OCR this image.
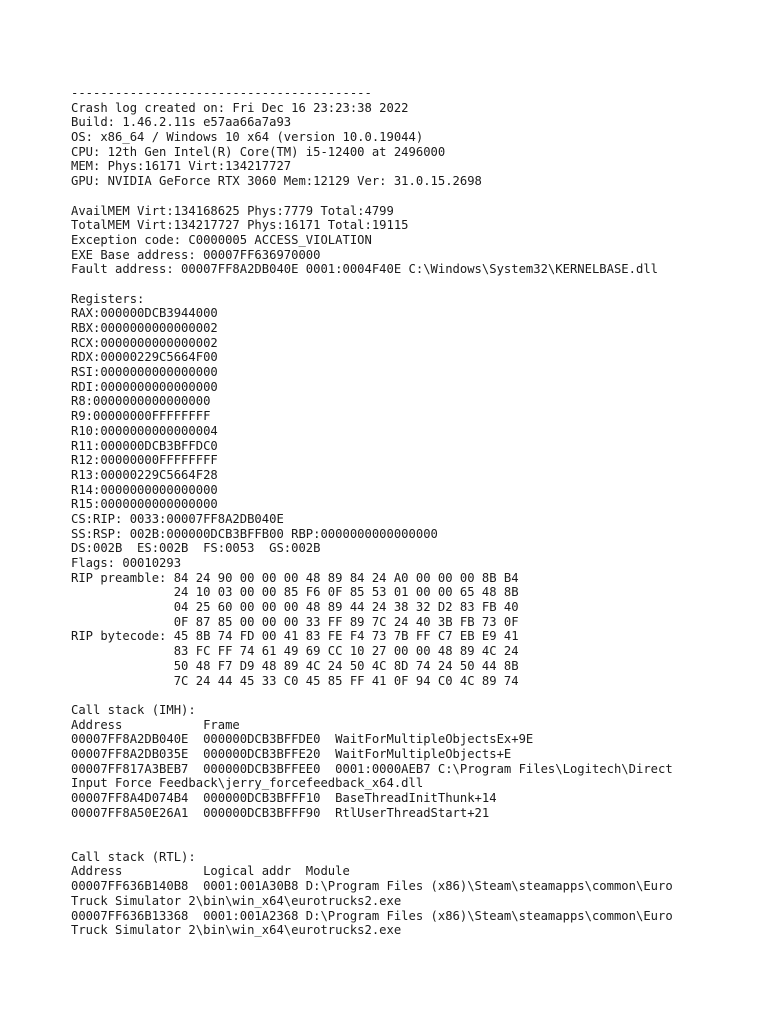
-----------------------------------------
Crash log created on: Fri Dec 16 23:23:38 2022
Build: 1.46.2.11s e57aa66a7a93
OS: x86_64 / Windows 10 x64 (version 10.0.19044)
CPU: 12th Gen Intel(R) Core(TM) i5-12400 at 2496000
MEM: Phys:16171 Virt:134217727
GPU: NVIDIA GeForce RTX 3060 Mem:12129 Ver: 31.0.15.2698
AvailMEM Virt:134168625 Phys:7779 Total:4799
TotalMEM Virt:134217727 Phys:16171 Total:19115
Exception code: C0000005 ACCESS_VIOLATION
EXE Base address: 00007FF636970000
Fault address: 00007FF8A2DB040E 0001:0004F40E C:\Windows\System32\KERNELBASE.dll
Registers:
RAX:000000DCB3944000
RBX:0000000000000002
RCX:0000000000000002
RDX:00000229C5664F00
RSI:0000000000000000
RDI:0000000000000000
R8:0000000000000000
R9:00000000FFFFFFFF
R10:0000000000000004
R11:000000DCB3BFFDC0
R12:00000000FFFFFFFF
R13:00000229C5664F28
R14:0000000000000000
R15:0000000000000000
CS:RIP: 0033:00007FF8A2DB040E
SS:RSP: 002B:000000DCB3BFFB00 RBP:0000000000000000
DS:002B  ES:002B  FS:0053  GS:002B
Flags: 00010293
RIP preamble: 84 24 90 00 00 00 48 89 84 24 A0 00 00 00 8B B4
24 10 03 00 00 85 F6 0F 85 53 01 00 00 65 48 8B
04 25 60 00 00 00 48 89 44 24 38 32 D2 83 FB 40
0F 87 85 00 00 00 33 FF 89 7C 24 40 3B FB 73 0F
RIP bytecode: 45 8B 74 FD 00 41 83 FE F4 73 7B FF C7 EB E9 41
83 FC FF 74 61 49 69 CC 10 27 00 00 48 89 4C 24
50 48 F7 D9 48 89 4C 24 50 4C 8D 74 24 50 44 8B
7C 24 44 45 33 C0 45 85 FF 41 0F 94 C0 4C 89 74
Call stack (IMH):
Address           Frame
00007FF8A2DB040E  000000DCB3BFFDE0  WaitForMultipleObjectsEx+9E
00007FF8A2DB035E  000000DCB3BFFE20  WaitForMultipleObjects+E
00007FF817A3BEB7  000000DCB3BFFEE0  0001:0000AEB7 C:\Program Files\Logitech\Direct
Input Force Feedback\jerry_forcefeedback_x64.dll
00007FF8A4D074B4  000000DCB3BFFF10  BaseThreadInitThunk+14
00007FF8A50E26A1  000000DCB3BFFF90  RtlUserThreadStart+21
Call stack (RTL):
Address           Logical addr  Module
00007FF636B140B8  0001:001A30B8 D:\Program Files (x86)\Steam\steamapps\common\Euro
Truck Simulator 2\bin\win_x64\eurotrucks2.exe
00007FF636B13368  0001:001A2368 D:\Program Files (x86)\Steam\steamapps\common\Euro
Truck Simulator 2\bin\win_x64\eurotrucks2.exe
